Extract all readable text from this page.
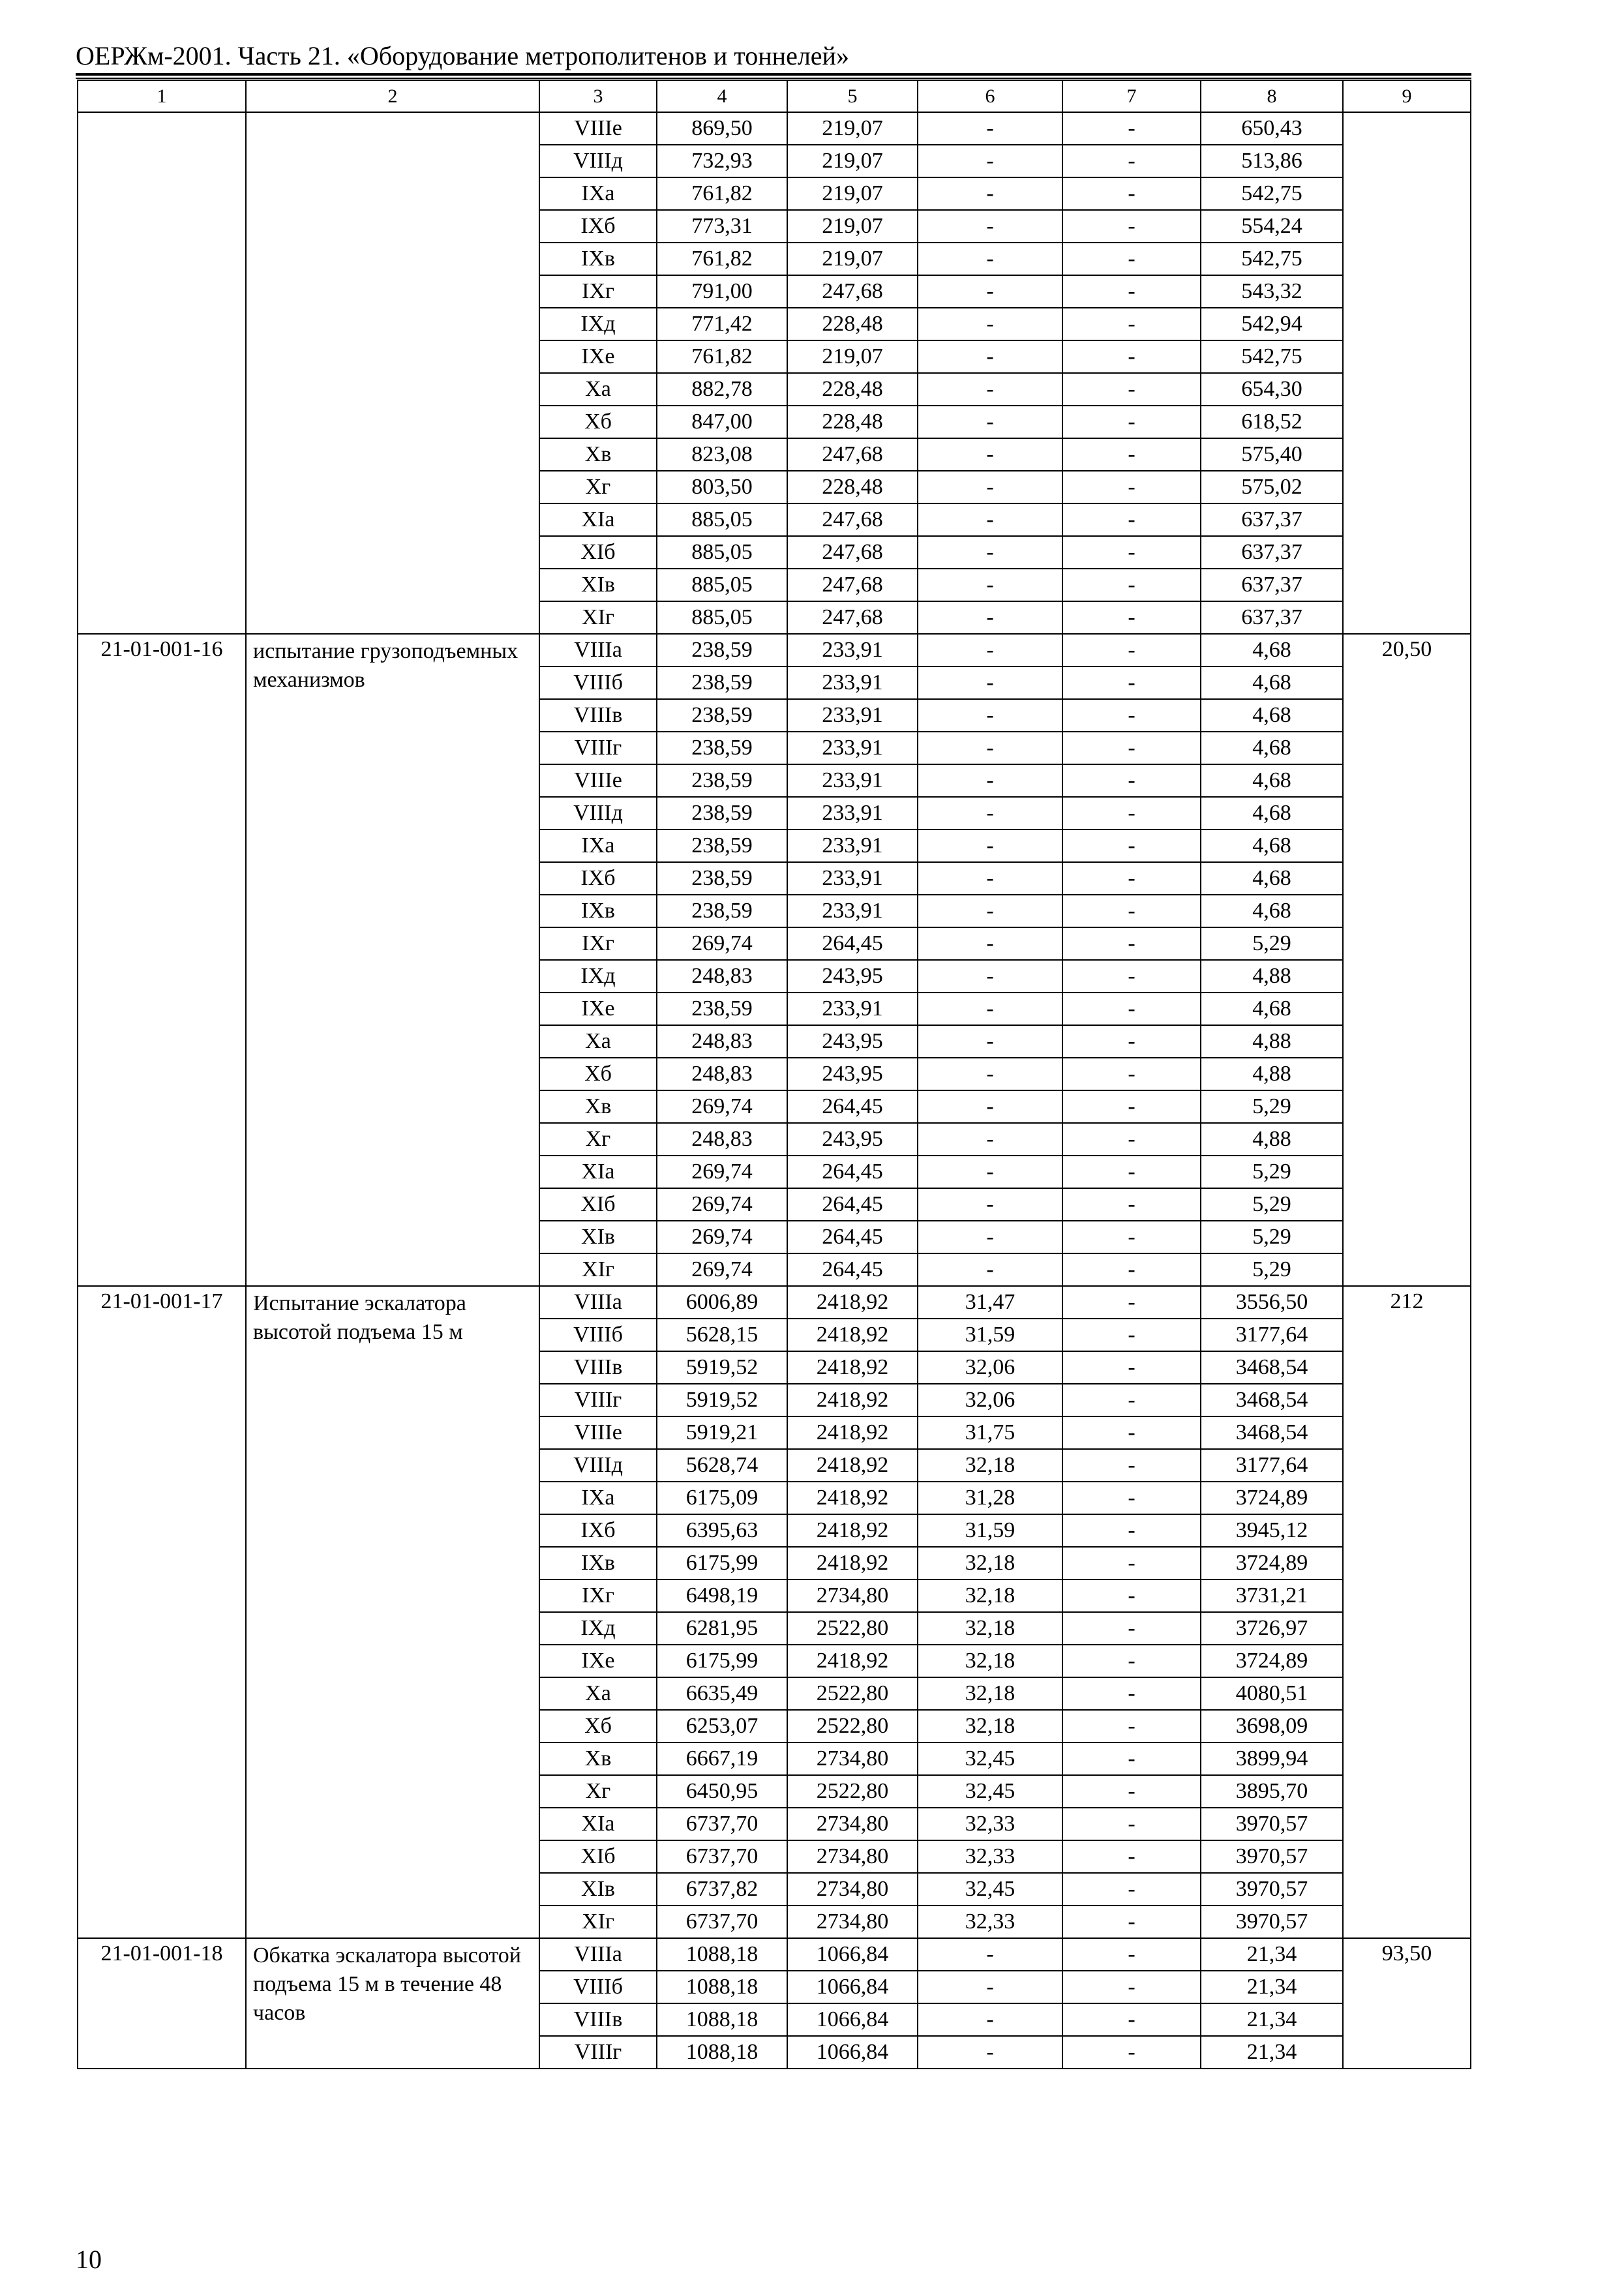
ОЕРЖм-2001. Часть 21. «Оборудование метрополитенов и тоннелей»
1	2	3	4	5	6	7	8	9
		VIIIе	869,50	219,07	-	-	650,43	
		VIIIд	732,93	219,07	-	-	513,86	
		IXа	761,82	219,07	-	-	542,75	
		IXб	773,31	219,07	-	-	554,24	
		IXв	761,82	219,07	-	-	542,75	
		IXг	791,00	247,68	-	-	543,32	
		IXд	771,42	228,48	-	-	542,94	
		IXе	761,82	219,07	-	-	542,75	
		Xа	882,78	228,48	-	-	654,30	
		Xб	847,00	228,48	-	-	618,52	
		Xв	823,08	247,68	-	-	575,40	
		Xг	803,50	228,48	-	-	575,02	
		XIа	885,05	247,68	-	-	637,37	
		XIб	885,05	247,68	-	-	637,37	
		XIв	885,05	247,68	-	-	637,37	
		XIг	885,05	247,68	-	-	637,37	
21-01-001-16	испытание грузоподъемных механизмов	VIIIа	238,59	233,91	-	-	4,68	20,50
		VIIIб	238,59	233,91	-	-	4,68	
		VIIIв	238,59	233,91	-	-	4,68	
		VIIIг	238,59	233,91	-	-	4,68	
		VIIIе	238,59	233,91	-	-	4,68	
		VIIIд	238,59	233,91	-	-	4,68	
		IXа	238,59	233,91	-	-	4,68	
		IXб	238,59	233,91	-	-	4,68	
		IXв	238,59	233,91	-	-	4,68	
		IXг	269,74	264,45	-	-	5,29	
		IXд	248,83	243,95	-	-	4,88	
		IXе	238,59	233,91	-	-	4,68	
		Xа	248,83	243,95	-	-	4,88	
		Xб	248,83	243,95	-	-	4,88	
		Xв	269,74	264,45	-	-	5,29	
		Xг	248,83	243,95	-	-	4,88	
		XIа	269,74	264,45	-	-	5,29	
		XIб	269,74	264,45	-	-	5,29	
		XIв	269,74	264,45	-	-	5,29	
		XIг	269,74	264,45	-	-	5,29	
21-01-001-17	Испытание эскалатора высотой подъема 15 м	VIIIа	6006,89	2418,92	31,47	-	3556,50	212
		VIIIб	5628,15	2418,92	31,59	-	3177,64	
		VIIIв	5919,52	2418,92	32,06	-	3468,54	
		VIIIг	5919,52	2418,92	32,06	-	3468,54	
		VIIIе	5919,21	2418,92	31,75	-	3468,54	
		VIIIд	5628,74	2418,92	32,18	-	3177,64	
		IXа	6175,09	2418,92	31,28	-	3724,89	
		IXб	6395,63	2418,92	31,59	-	3945,12	
		IXв	6175,99	2418,92	32,18	-	3724,89	
		IXг	6498,19	2734,80	32,18	-	3731,21	
		IXд	6281,95	2522,80	32,18	-	3726,97	
		IXе	6175,99	2418,92	32,18	-	3724,89	
		Xа	6635,49	2522,80	32,18	-	4080,51	
		Xб	6253,07	2522,80	32,18	-	3698,09	
		Xв	6667,19	2734,80	32,45	-	3899,94	
		Xг	6450,95	2522,80	32,45	-	3895,70	
		XIа	6737,70	2734,80	32,33	-	3970,57	
		XIб	6737,70	2734,80	32,33	-	3970,57	
		XIв	6737,82	2734,80	32,45	-	3970,57	
		XIг	6737,70	2734,80	32,33	-	3970,57	
21-01-001-18	Обкатка эскалатора высотой подъема 15 м в течение 48 часов	VIIIа	1088,18	1066,84	-	-	21,34	93,50
		VIIIб	1088,18	1066,84	-	-	21,34	
		VIIIв	1088,18	1066,84	-	-	21,34	
		VIIIг	1088,18	1066,84	-	-	21,34	
10
